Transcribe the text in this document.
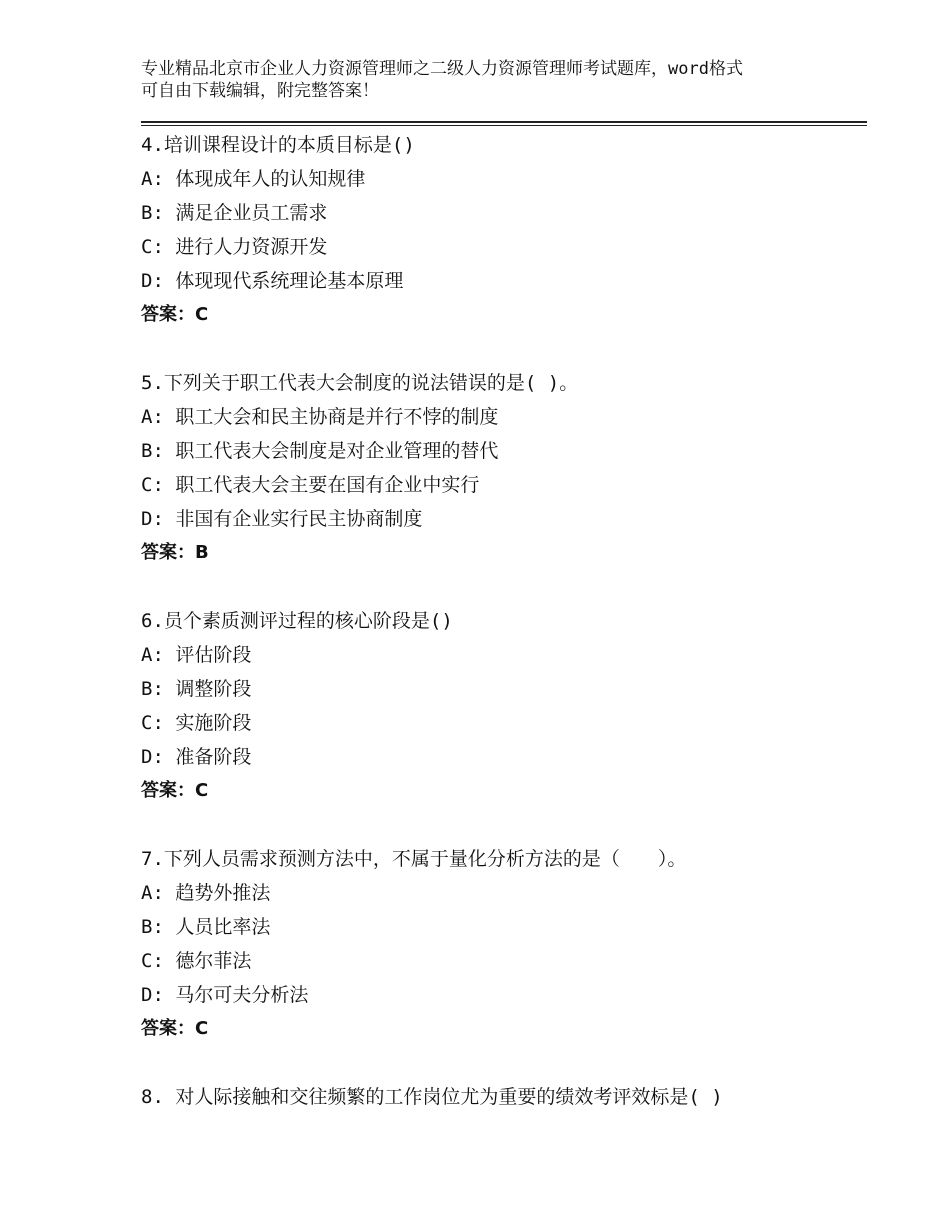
专业精品北京市企业人力资源管理师之二级人力资源管理师考试题库，word格式
可自由下载编辑，附完整答案！
4.培训课程设计的本质目标是()
A: 体现成年人的认知规律
B: 满足企业员工需求
C: 进行人力资源开发
D: 体现现代系统理论基本原理
答案：C
5.下列关于职工代表大会制度的说法错误的是( )。
A: 职工大会和民主协商是并行不悖的制度
B: 职工代表大会制度是对企业管理的替代
C: 职工代表大会主要在国有企业中实行
D: 非国有企业实行民主协商制度
答案：B
6.员个素质测评过程的核心阶段是()
A: 评估阶段
B: 调整阶段
C: 实施阶段
D: 准备阶段
答案：C
7.下列人员需求预测方法中，不属于量化分析方法的是（　　）。
A: 趋势外推法
B: 人员比率法
C: 德尔菲法
D: 马尔可夫分析法
答案：C
8. 对人际接触和交往频繁的工作岗位尤为重要的绩效考评效标是( )
